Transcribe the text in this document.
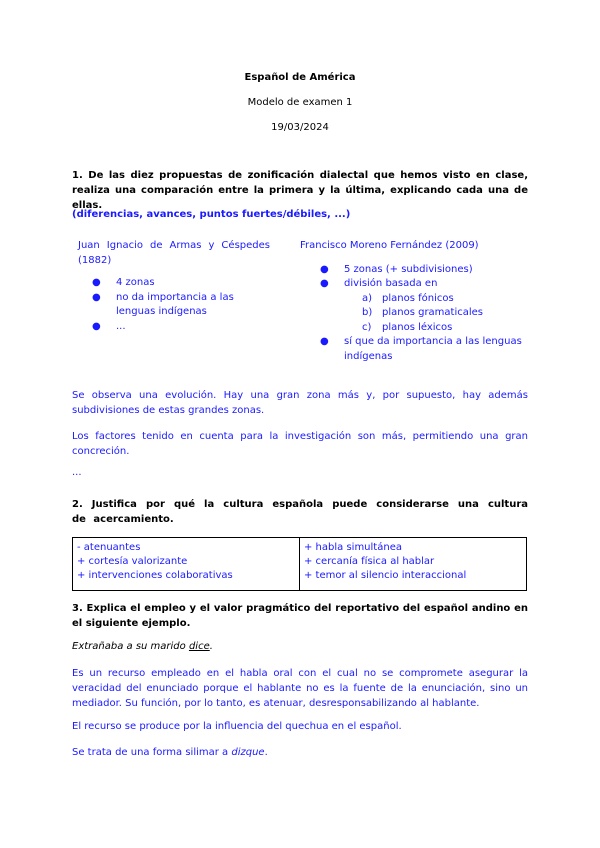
Español de América
Modelo de examen 1
19/03/2024
1. De las diez propuestas de zonificación dialectal que hemos visto en clase, realiza una comparación entre la primera y la última, explicando cada una de ellas.
(diferencias, avances, puntos fuertes/débiles, ...)
Juan Ignacio de Armas y Céspedes (1882)
● 4 zonas
● no da importancia a las lenguas indígenas
● ...
Francisco Moreno Fernández (2009)
● 5 zonas (+ subdivisiones)
● división basada en
a) planos fónicos
b) planos gramaticales
c) planos léxicos
● sí que da importancia a las lenguas indígenas
Se observa una evolución. Hay una gran zona más y, por supuesto, hay además subdivisiones de estas grandes zonas.
Los factores tenido en cuenta para la investigación son más, permitiendo una gran concreción.
...
2. Justifica por qué la cultura española puede considerarse una cultura de acercamiento.
- atenuantes
+ cortesía valorizante
+ intervenciones colaborativas

+ habla simultánea
+ cercanía física al hablar
+ temor al silencio interaccional
3. Explica el empleo y el valor pragmático del reportativo del español andino en el siguiente ejemplo.
Extrañaba a su marido dice.
Es un recurso empleado en el habla oral con el cual no se compromete asegurar la veracidad del enunciado porque el hablante no es la fuente de la enunciación, sino un mediador. Su función, por lo tanto, es atenuar, desresponsabilizando al hablante.
El recurso se produce por la influencia del quechua en el español.
Se trata de una forma silimar a dizque.
